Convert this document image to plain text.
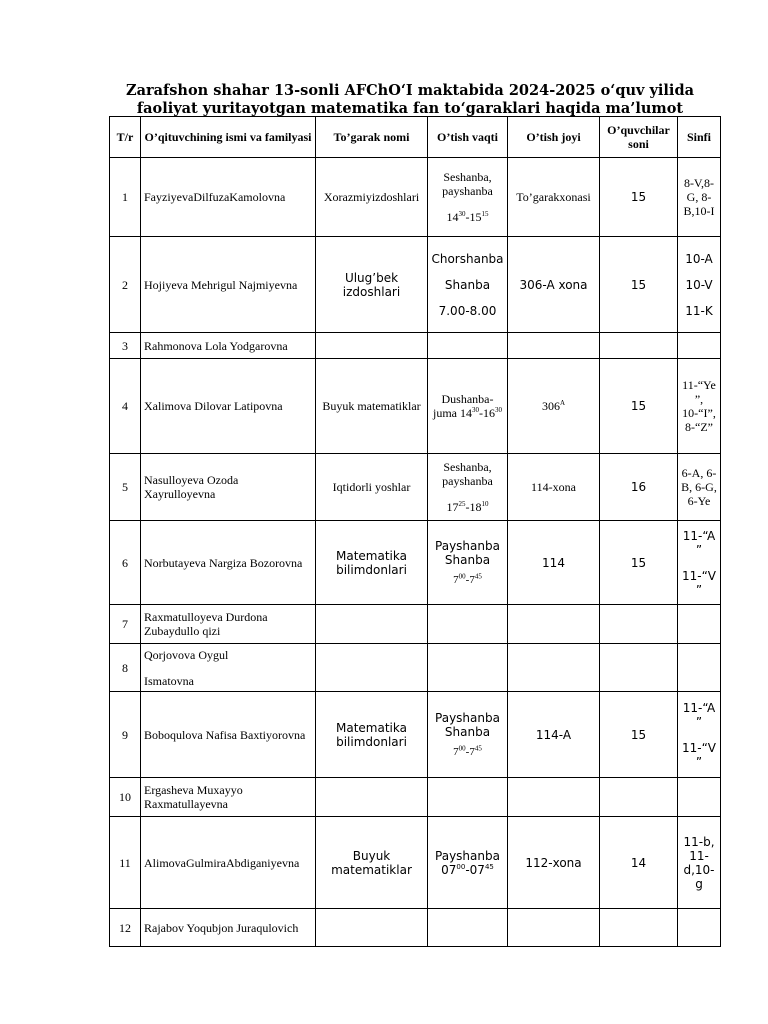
Zarafshon shahar 13-sonli AFChO‘I maktabida 2024-2025 o‘quv yilida faoliyat yuritayotgan matematika fan to‘garaklari haqida ma’lumot
T/r	O’qituvchining ismi va familyasi	To’garak nomi	O’tish vaqti	O’tish joyi	O’quvchilar soni	Sinfi
1	FayziyevaDilfuzaKamolovna	Xorazmiyizdoshlari	Seshanba,
payshanba
$14^{30}-15^{15}$	To’garakxonasi	15	8-V,8-G, 8-B,10-I
2	Hojiyeva Mehrigul Najmiyevna	Ulug’bek izdoshlari	Chorshanba
Shanba
7.00-8.00	306-A xona	15	10-A
10-V
11-K

3	Rahmonova Lola Yodgarovna					
4	Xalimova Dilovar Latipovna	Buyuk matematiklar	Dushanba-juma $14^{30}-16^{30}$	$306^A$	15	11-“Ye”, 10-“I”, 8-“Z”
5	Nasulloyeva Ozoda Xayrulloyevna	Iqtidorli yoshlar	Seshanba,
payshanba
$17^{25}-18^{10}$	114-xona	16	6-A, 6-B, 6-G, 6-Ye
6	Norbutayeva Nargiza Bozorovna	Matematika bilimdonlari	Payshanba
Shanba
$7^{00}-7^{45}$	114	15	11-“A”
11-“V”

7	Raxmatulloyeva Durdona Zubaydullo qizi					
8	Qorjovova Oygul
Ismatovna					

9	Boboqulova Nafisa Baxtiyorovna	Matematika bilimdonlari	Payshanba
Shanba
$7^{00}-7^{45}$	114-A	15	11-“A”
11-“V”

10	Ergasheva Muxayyo Raxmatullayevna					
11	AlimovaGulmiraAbdiganiyevna	Buyuk matematiklar	Payshanba
$07^{00}-07^{45}$	112-xona	14	11-b, 11-d,10-g
12	Rajabov Yoqubjon Juraqulovich					
